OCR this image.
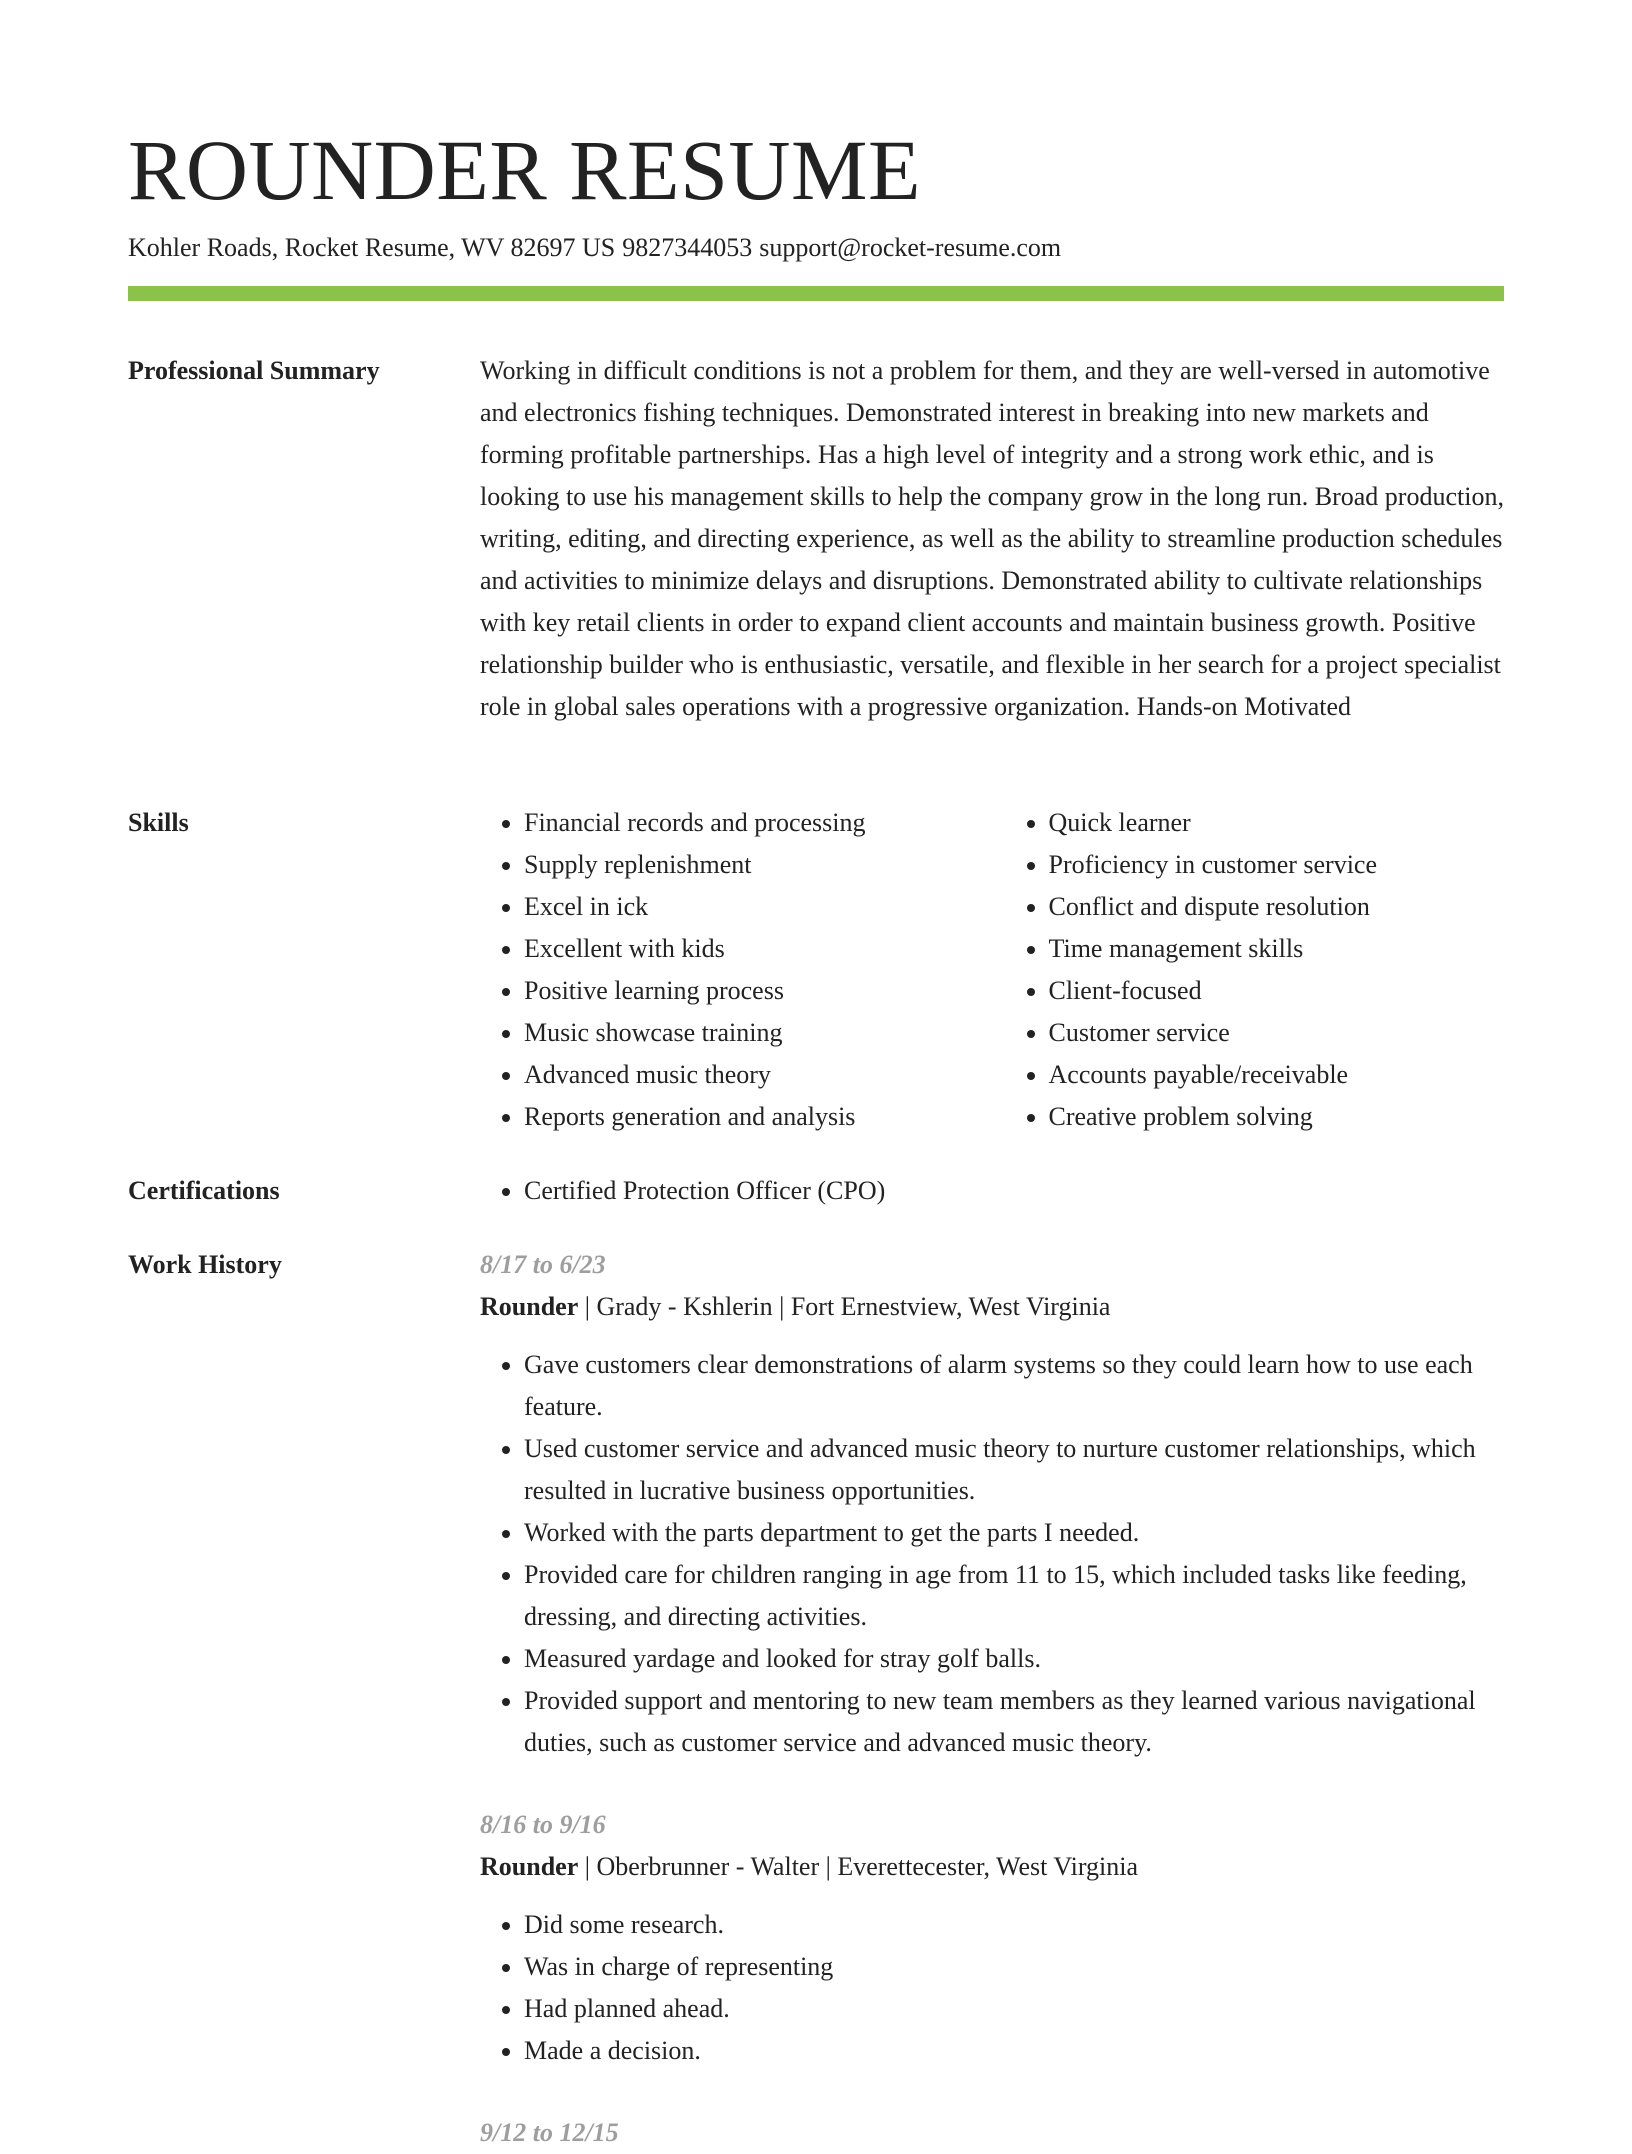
ROUNDER RESUME
Kohler Roads, Rocket Resume, WV 82697 US 9827344053 support@rocket-resume.com
Professional Summary	Working in difficult conditions is not a problem for them, and they are well-versed in automotive and electronics fishing techniques. Demonstrated interest in breaking into new markets and forming profitable partnerships. Has a high level of integrity and a strong work ethic, and is looking to use his management skills to help the company grow in the long run. Broad production, writing, editing, and directing experience, as well as the ability to streamline production schedules and activities to minimize delays and disruptions. Demonstrated ability to cultivate relationships with key retail clients in order to expand client accounts and maintain business growth. Positive relationship builder who is enthusiastic, versatile, and flexible in her search for a project specialist role in global sales operations with a progressive organization. Hands-on Motivated

Skills	• Financial records and processing
• Supply replenishment
• Excel in ick
• Excellent with kids
• Positive learning process
• Music showcase training
• Advanced music theory
• Reports generation and analysis
• Quick learner
• Proficiency in customer service
• Conflict and dispute resolution
• Time management skills
• Client-focused
• Customer service
• Accounts payable/receivable
• Creative problem solving
Certifications	• Certified Protection Officer (CPO)
Work History	8/17 to 6/23
Rounder | Grady - Kshlerin | Fort Ernestview, West Virginia
• Gave customers clear demonstrations of alarm systems so they could learn how to use each feature.
• Used customer service and advanced music theory to nurture customer relationships, which resulted in lucrative business opportunities.
• Worked with the parts department to get the parts I needed.
• Provided care for children ranging in age from 11 to 15, which included tasks like feeding, dressing, and directing activities.
• Measured yardage and looked for stray golf balls.
• Provided support and mentoring to new team members as they learned various navigational duties, such as customer service and advanced music theory.
8/16 to 9/16
Rounder | Oberbrunner - Walter | Everettecester, West Virginia
• Did some research.
• Was in charge of representing
• Had planned ahead.
• Made a decision.
9/12 to 12/15
